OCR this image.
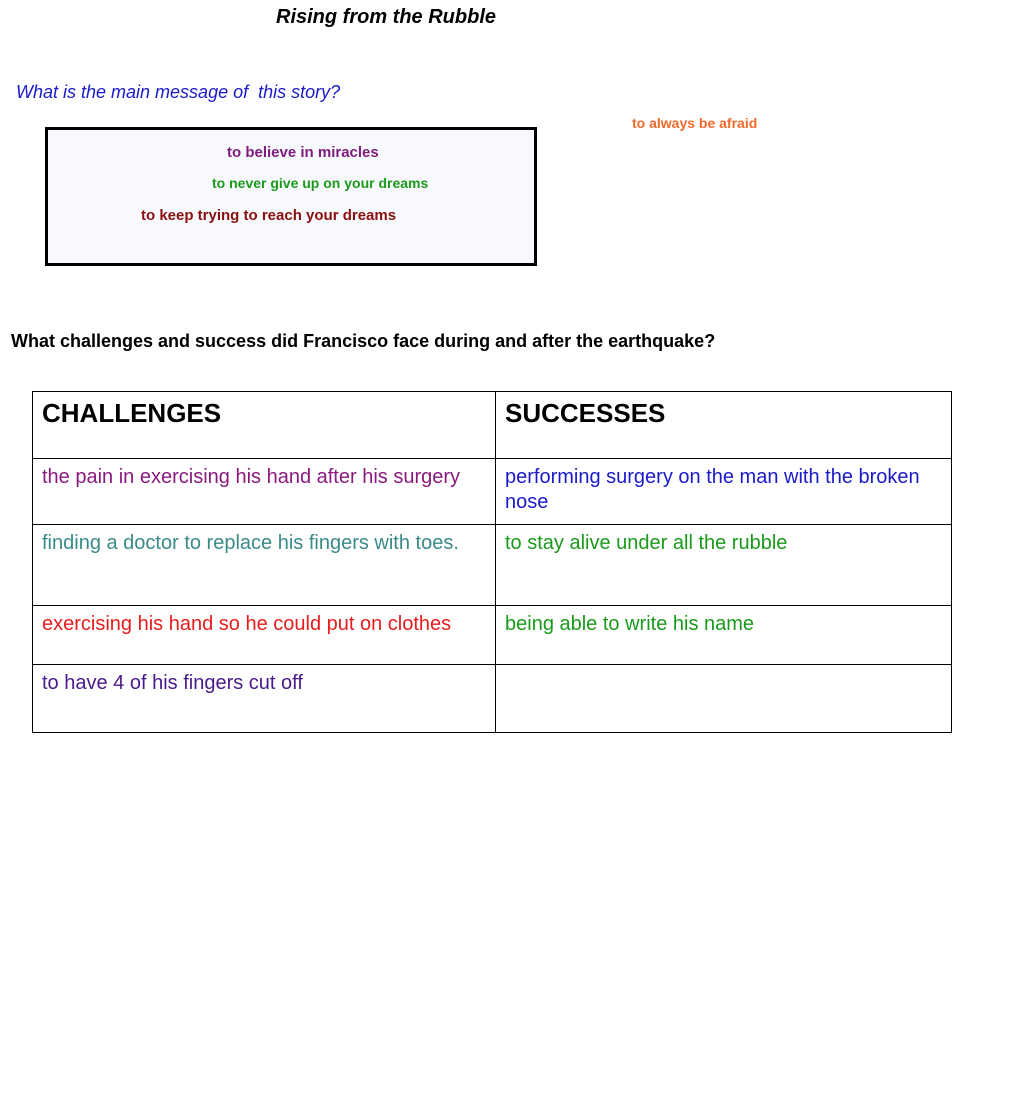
Rising from the Rubble
What is the main message of  this story?
to believe in miracles
to never give up on your dreams
to keep trying to reach your dreams
to always be afraid
What challenges and success did Francisco face during and after the earthquake?
CHALLENGES	SUCCESSES
the pain in exercising his hand after his surgery	performing surgery on the man with the broken nose
finding a doctor to replace his fingers with toes.	to stay alive under all the rubble
exercising his hand so he could put on clothes	being able to write his name
to have 4 of his fingers cut off	
